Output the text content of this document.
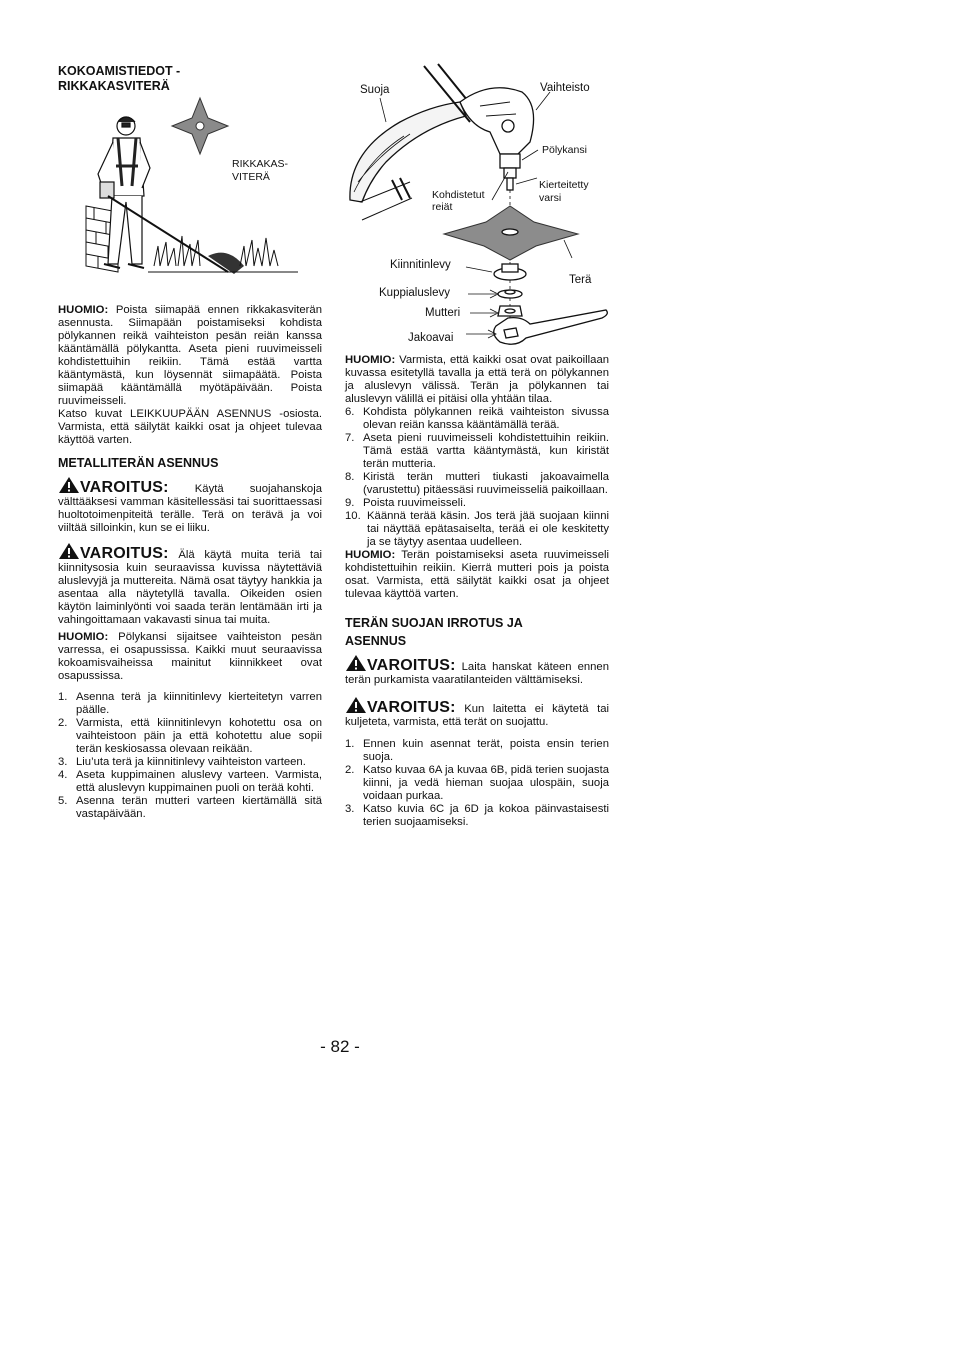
KOKOAMISTIEDOT -
RIKKAKASVITERÄ
RIKKAKAS-
VITERÄ

HUOMIO: Poista siimapää ennen rikkakasviterän asennusta. Siimapään poistamiseksi kohdista pölykannen reikä vaihteiston pesän reiän kanssa kääntämällä pölykantta. Aseta pieni ruuvimeisseli kohdistettuihin reikiin. Tämä estää vartta kääntymästä, kun löysennät siimapäätä. Poista siimapää kääntämällä myötäpäivään. Poista ruuvimeisseli.

Katso kuvat LEIKKUUPÄÄN ASENNUS -osiosta. Varmista, että säilytät kaikki osat ja ohjeet tulevaa käyttöä varten.

METALLITERÄN ASENNUS

VAROITUS: Käytä suojahanskoja välttääksesi vamman käsitellessäsi tai suorittaessasi huoltotoimenpiteitä terälle. Terä on terävä ja voi viiltää silloinkin, kun se ei liiku.

VAROITUS: Älä käytä muita teriä tai kiinnitysosia kuin seuraavissa kuvissa näytettäviä aluslevyjä ja muttereita. Nämä osat täytyy hankkia ja asentaa alla näytetyllä tavalla. Oikeiden osien käytön laiminlyönti voi saada terän lentämään irti ja vahingoittamaan vakavasti sinua tai muita.

HUOMIO: Pölykansi sijaitsee vaihteiston pesän varressa, ei osapussissa. Kaikki muut seuraavissa kokoamisvaiheissa mainitut kiinnikkeet ovat osapussissa.

1. Asenna terä ja kiinnitinlevy kierteitetyn varren päälle.
2. Varmista, että kiinnitinlevyn kohotettu osa on vaihteistoon päin ja että kohotettu alue sopii terän keskiosassa olevaan reikään.
3. Liu’uta terä ja kiinnitinlevy vaihteiston varteen.
4. Aseta kuppimainen aluslevy varteen. Varmista, että aluslevyn kuppimainen puoli on terää kohti.
5. Asenna terän mutteri varteen kiertämällä sitä vastapäivään.
Suoja	Vaihteisto
Pölykansi
Kohdistetut
reiät
Kierteitetty
varsi
Kiinnitinlevy
Terä
Kuppialuslevy
Mutteri
Jakoavai

HUOMIO: Varmista, että kaikki osat ovat paikoillaan kuvassa esitetyllä tavalla ja että terä on pölykannen ja aluslevyn välissä. Terän ja pölykannen tai aluslevyn välillä ei pitäisi olla yhtään tilaa.

6. Kohdista pölykannen reikä vaihteiston sivussa olevan reiän kanssa kääntämällä terää.
7. Aseta pieni ruuvimeisseli kohdistettuihin reikiin. Tämä estää vartta kääntymästä, kun kiristät terän mutteria.
8. Kiristä terän mutteri tiukasti jakoavaimella (varustettu) pitäessäsi ruuvimeisseliä paikoillaan.
9. Poista ruuvimeisseli.
10. Käännä terää käsin. Jos terä jää suojaan kiinni tai näyttää epätasaiselta, terää ei ole keskitetty ja se täytyy asentaa uudelleen.

HUOMIO: Terän poistamiseksi aseta ruuvimeisseli kohdistettuihin reikiin. Kierrä mutteri pois ja poista osat. Varmista, että säilytät kaikki osat ja ohjeet tulevaa käyttöä varten.

TERÄN SUOJAN IRROTUS JA
ASENNUS

VAROITUS: Laita hanskat käteen ennen terän purkamista vaaratilanteiden välttämiseksi.

VAROITUS: Kun laitetta ei käytetä tai kuljeteta, varmista, että terät on suojattu.

1. Ennen kuin asennat terät, poista ensin terien suoja.
2. Katso kuvaa 6A ja kuvaa 6B, pidä terien suojasta kiinni, ja vedä hieman suojaa ulospäin, suoja voidaan purkaa.
3. Katso kuvia 6C ja 6D ja kokoa päinvastaisesti terien suojaamiseksi.
- 82 -
